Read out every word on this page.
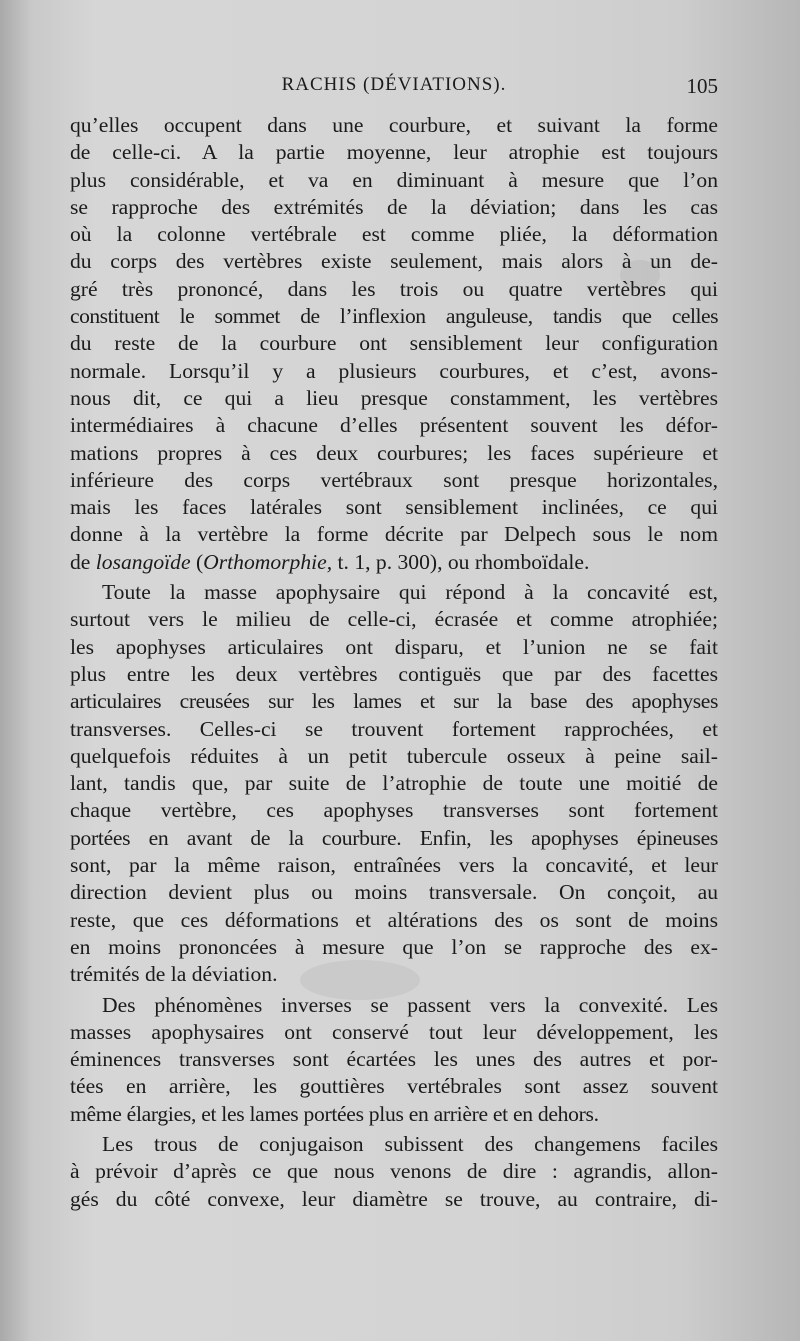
RACHIS (DÉVIATIONS).	105
qu’elles occupent dans une courbure, et suivant la forme
de celle-ci. A la partie moyenne, leur atrophie est toujours
plus considérable, et va en diminuant à mesure que l’on
se rapproche des extrémités de la déviation; dans les cas
où la colonne vertébrale est comme pliée, la déformation
du corps des vertèbres existe seulement, mais alors à un de-
gré très prononcé, dans les trois ou quatre vertèbres qui
constituent le sommet de l’inflexion anguleuse, tandis que celles
du reste de la courbure ont sensiblement leur configuration
normale. Lorsqu’il y a plusieurs courbures, et c’est, avons-
nous dit, ce qui a lieu presque constamment, les vertèbres
intermédiaires à chacune d’elles présentent souvent les défor-
mations propres à ces deux courbures; les faces supérieure et
inférieure des corps vertébraux sont presque horizontales,
mais les faces latérales sont sensiblement inclinées, ce qui
donne à la vertèbre la forme décrite par Delpech sous le nom
de losangoïde (Orthomorphie, t. 1, p. 300), ou rhomboïdale.
Toute la masse apophysaire qui répond à la concavité est,
surtout vers le milieu de celle-ci, écrasée et comme atrophiée;
les apophyses articulaires ont disparu, et l’union ne se fait
plus entre les deux vertèbres contiguës que par des facettes
articulaires creusées sur les lames et sur la base des apophyses
transverses. Celles-ci se trouvent fortement rapprochées, et
quelquefois réduites à un petit tubercule osseux à peine sail-
lant, tandis que, par suite de l’atrophie de toute une moitié de
chaque vertèbre, ces apophyses transverses sont fortement
portées en avant de la courbure. Enfin, les apophyses épineuses
sont, par la même raison, entraînées vers la concavité, et leur
direction devient plus ou moins transversale. On conçoit, au
reste, que ces déformations et altérations des os sont de moins
en moins prononcées à mesure que l’on se rapproche des ex-
trémités de la déviation.
Des phénomènes inverses se passent vers la convexité. Les
masses apophysaires ont conservé tout leur développement, les
éminences transverses sont écartées les unes des autres et por-
tées en arrière, les gouttières vertébrales sont assez souvent
même élargies, et les lames portées plus en arrière et en dehors.
Les trous de conjugaison subissent des changemens faciles
à prévoir d’après ce que nous venons de dire : agrandis, allon-
gés du côté convexe, leur diamètre se trouve, au contraire, di-
